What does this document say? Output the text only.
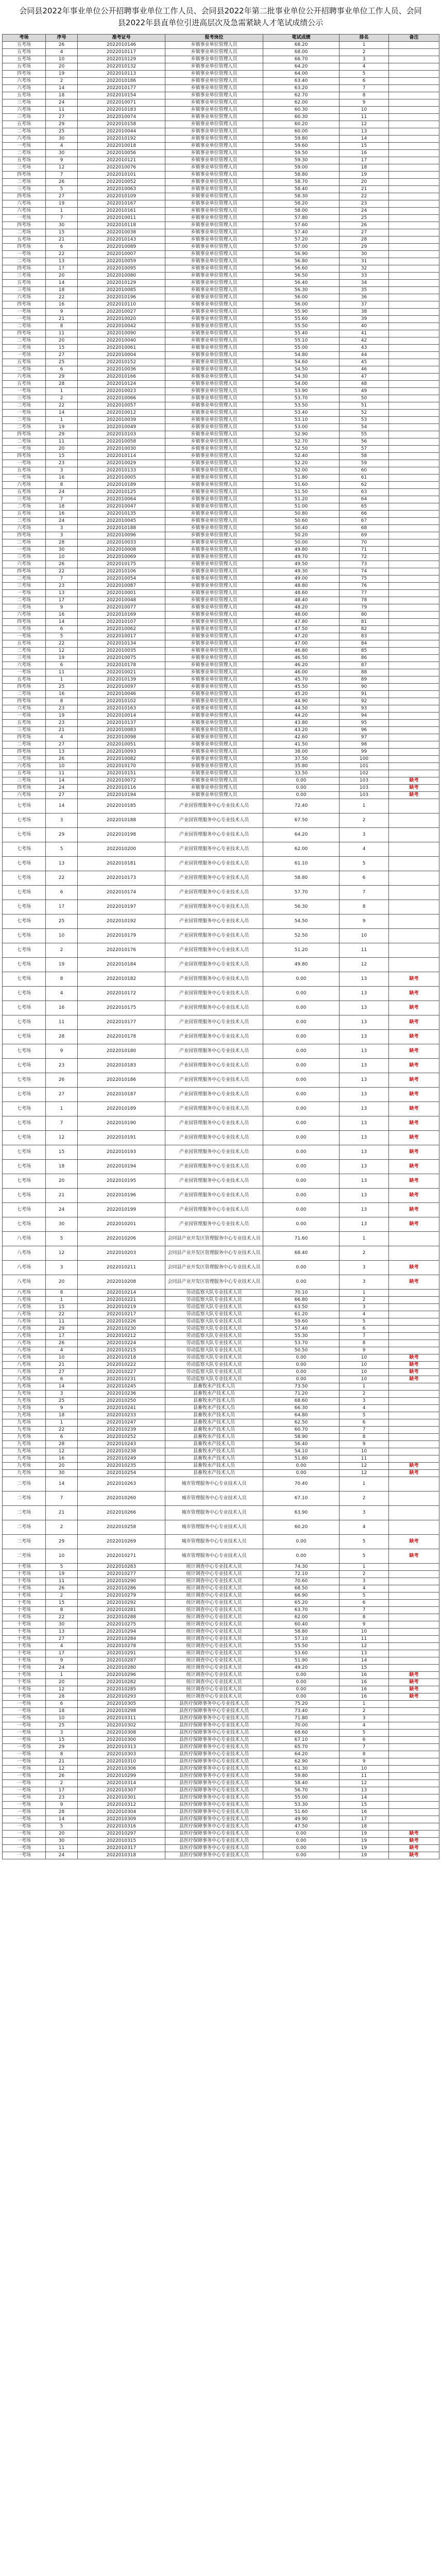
会同县2022年事业单位公开招聘事业单位工作人员、会同县2022年第二批事业单位公开招聘事业单位工作人员、会同县2022年县直单位引进高层次及急需紧缺人才笔试成绩公示
考场	序号	准考证号	报考岗位	笔试成绩	排名	备注
五考场	26	2022010146	乡镇事业单位管理人员	68.20	1	
五考场	4	2022010117	乡镇事业单位管理人员	68.00	2	
五考场	10	2022010129	乡镇事业单位管理人员	66.70	3	
五考场	20	2022010132	乡镇事业单位管理人员	64.20	4	
四考场	19	2022010113	乡镇事业单位管理人员	64.00	5	
六考场	2	2022010186	乡镇事业单位管理人员	63.40	6	
六考场	14	2022010177	乡镇事业单位管理人员	63.20	7	
五考场	18	2022010154	乡镇事业单位管理人员	62.70	8	
三考场	24	2022010071	乡镇事业单位管理人员	62.00	9	
六考场	11	2022010183	乡镇事业单位管理人员	60.30	10	
三考场	27	2022010074	乡镇事业单位管理人员	60.30	11	
五考场	29	2022010158	乡镇事业单位管理人员	60.20	12	
二考场	25	2022010044	乡镇事业单位管理人员	60.00	13	
六考场	30	2022010192	乡镇事业单位管理人员	59.80	14	
一考场	4	2022010018	乡镇事业单位管理人员	59.60	15	
二考场	30	2022010056	乡镇事业单位管理人员	59.50	16	
五考场	9	2022010121	乡镇事业单位管理人员	59.30	17	
三考场	12	2022010076	乡镇事业单位管理人员	59.00	18	
四考场	7	2022010101	乡镇事业单位管理人员	58.80	19	
二考场	26	2022010052	乡镇事业单位管理人员	58.70	20	
三考场	5	2022010063	乡镇事业单位管理人员	58.40	21	
四考场	27	2022010109	乡镇事业单位管理人员	58.30	22	
六考场	19	2022010167	乡镇事业单位管理人员	58.20	23	
六考场	1	2022010161	乡镇事业单位管理人员	58.00	24	
一考场	7	2022010011	乡镇事业单位管理人员	57.80	25	
四考场	30	2022010118	乡镇事业单位管理人员	57.60	26	
二考场	15	2022010038	乡镇事业单位管理人员	57.40	27	
五考场	21	2022010143	乡镇事业单位管理人员	57.20	28	
四考场	6	2022010089	乡镇事业单位管理人员	57.00	29	
一考场	22	2022010007	乡镇事业单位管理人员	56.90	30	
二考场	13	2022010059	乡镇事业单位管理人员	56.80	31	
四考场	17	2022010095	乡镇事业单位管理人员	56.60	32	
三考场	20	2022010080	乡镇事业单位管理人员	56.50	33	
五考场	14	2022010129	乡镇事业单位管理人员	56.40	34	
三考场	18	2022010085	乡镇事业单位管理人员	56.30	35	
六考场	22	2022010196	乡镇事业单位管理人员	56.00	36	
四考场	16	2022010110	乡镇事业单位管理人员	56.00	37	
一考场	9	2022010027	乡镇事业单位管理人员	55.90	38	
一考场	21	2022010020	乡镇事业单位管理人员	55.60	39	
二考场	8	2022010042	乡镇事业单位管理人员	55.50	40	
四考场	11	2022010090	乡镇事业单位管理人员	55.40	41	
二考场	20	2022010040	乡镇事业单位管理人员	55.10	42	
三考场	15	2022010061	乡镇事业单位管理人员	55.00	43	
一考场	27	2022010004	乡镇事业单位管理人员	54.80	44	
五考场	25	2022010152	乡镇事业单位管理人员	54.60	45	
二考场	6	2022010036	乡镇事业单位管理人员	54.50	46	
六考场	29	2022010166	乡镇事业单位管理人员	54.30	47	
五考场	28	2022010124	乡镇事业单位管理人员	54.00	48	
一考场	1	2022010023	乡镇事业单位管理人员	53.90	49	
三考场	2	2022010066	乡镇事业单位管理人员	53.70	50	
二考场	22	2022010057	乡镇事业单位管理人员	53.50	51	
一考场	14	2022010012	乡镇事业单位管理人员	53.40	52	
二考场	1	2022010039	乡镇事业单位管理人员	53.10	53	
二考场	19	2022010049	乡镇事业单位管理人员	53.00	54	
四考场	29	2022010103	乡镇事业单位管理人员	52.90	55	
二考场	11	2022010058	乡镇事业单位管理人员	52.70	56	
一考场	20	2022010030	乡镇事业单位管理人员	52.50	57	
四考场	15	2022010114	乡镇事业单位管理人员	52.40	58	
一考场	23	2022010029	乡镇事业单位管理人员	52.20	59	
五考场	3	2022010133	乡镇事业单位管理人员	52.00	60	
一考场	16	2022010005	乡镇事业单位管理人员	51.80	61	
六考场	8	2022010189	乡镇事业单位管理人员	51.60	62	
五考场	24	2022010125	乡镇事业单位管理人员	51.50	63	
三考场	7	2022010064	乡镇事业单位管理人员	51.20	64	
二考场	18	2022010047	乡镇事业单位管理人员	51.00	65	
五考场	16	2022010135	乡镇事业单位管理人员	50.80	66	
二考场	24	2022010045	乡镇事业单位管理人员	50.60	67	
六考场	3	2022010188	乡镇事业单位管理人员	50.40	68	
四考场	3	2022010096	乡镇事业单位管理人员	50.20	69	
二考场	28	2022010033	乡镇事业单位管理人员	50.00	70	
一考场	30	2022010008	乡镇事业单位管理人员	49.80	71	
三考场	10	2022010069	乡镇事业单位管理人员	49.70	72	
六考场	26	2022010175	乡镇事业单位管理人员	49.50	73	
四考场	22	2022010106	乡镇事业单位管理人员	49.30	74	
二考场	7	2022010054	乡镇事业单位管理人员	49.00	75	
三考场	23	2022010087	乡镇事业单位管理人员	48.80	76	
一考场	13	2022010001	乡镇事业单位管理人员	48.60	77	
二考场	17	2022010048	乡镇事业单位管理人员	48.40	78	
三考场	9	2022010077	乡镇事业单位管理人员	48.20	79	
六考场	16	2022010169	乡镇事业单位管理人员	48.00	80	
四考场	14	2022010107	乡镇事业单位管理人员	47.80	81	
三考场	6	2022010062	乡镇事业单位管理人员	47.50	82	
一考场	5	2022010017	乡镇事业单位管理人员	47.20	83	
五考场	22	2022010134	乡镇事业单位管理人员	47.00	84	
二考场	12	2022010035	乡镇事业单位管理人员	46.80	85	
三考场	19	2022010075	乡镇事业单位管理人员	46.50	86	
六考场	6	2022010178	乡镇事业单位管理人员	46.20	87	
一考场	11	2022010021	乡镇事业单位管理人员	46.00	88	
五考场	1	2022010139	乡镇事业单位管理人员	45.70	89	
四考场	25	2022010097	乡镇事业单位管理人员	45.50	90	
二考场	16	2022010046	乡镇事业单位管理人员	45.20	91	
四考场	8	2022010102	乡镇事业单位管理人员	44.90	92	
六考场	23	2022010163	乡镇事业单位管理人员	44.50	93	
一考场	19	2022010014	乡镇事业单位管理人员	44.20	94	
五考场	23	2022010137	乡镇事业单位管理人员	43.80	95	
三考场	21	2022010083	乡镇事业单位管理人员	43.20	96	
四考场	4	2022010098	乡镇事业单位管理人员	42.60	97	
二考场	27	2022010051	乡镇事业单位管理人员	41.50	98	
四考场	13	2022010093	乡镇事业单位管理人员	38.00	99	
三考场	26	2022010082	乡镇事业单位管理人员	37.50	100	
六考场	10	2022010170	乡镇事业单位管理人员	35.80	101	
五考场	11	2022010151	乡镇事业单位管理人员	33.50	102	
三考场	14	2022010072	乡镇事业单位管理人员	0.00	103	缺考
四考场	24	2022010116	乡镇事业单位管理人员	0.00	103	缺考
六考场	27	2022010194	乡镇事业单位管理人员	0.00	103	缺考
七考场	14	2022010185	产业园管理服务中心专业技术人员	72.40	1	
七考场	3	2022010188	产业园管理服务中心专业技术人员	67.50	2	
七考场	29	2022010198	产业园管理服务中心专业技术人员	64.20	3	
七考场	5	2022010200	产业园管理服务中心专业技术人员	62.00	4	
七考场	13	2022010181	产业园管理服务中心专业技术人员	61.10	5	
七考场	22	2022010173	产业园管理服务中心专业技术人员	58.80	6	
七考场	6	2022010174	产业园管理服务中心专业技术人员	57.70	7	
七考场	17	2022010197	产业园管理服务中心专业技术人员	56.30	8	
七考场	25	2022010192	产业园管理服务中心专业技术人员	54.50	9	
七考场	10	2022010179	产业园管理服务中心专业技术人员	52.50	10	
七考场	2	2022010176	产业园管理服务中心专业技术人员	51.20	11	
七考场	19	2022010184	产业园管理服务中心专业技术人员	49.80	12	
七考场	8	2022010182	产业园管理服务中心专业技术人员	0.00	13	缺考
七考场	4	2022010172	产业园管理服务中心专业技术人员	0.00	13	缺考
七考场	16	2022010175	产业园管理服务中心专业技术人员	0.00	13	缺考
七考场	11	2022010177	产业园管理服务中心专业技术人员	0.00	13	缺考
七考场	28	2022010178	产业园管理服务中心专业技术人员	0.00	13	缺考
七考场	9	2022010180	产业园管理服务中心专业技术人员	0.00	13	缺考
七考场	23	2022010183	产业园管理服务中心专业技术人员	0.00	13	缺考
七考场	26	2022010186	产业园管理服务中心专业技术人员	0.00	13	缺考
七考场	27	2022010187	产业园管理服务中心专业技术人员	0.00	13	缺考
七考场	1	2022010189	产业园管理服务中心专业技术人员	0.00	13	缺考
七考场	7	2022010190	产业园管理服务中心专业技术人员	0.00	13	缺考
七考场	12	2022010191	产业园管理服务中心专业技术人员	0.00	13	缺考
七考场	15	2022010193	产业园管理服务中心专业技术人员	0.00	13	缺考
七考场	18	2022010194	产业园管理服务中心专业技术人员	0.00	13	缺考
七考场	20	2022010195	产业园管理服务中心专业技术人员	0.00	13	缺考
七考场	21	2022010196	产业园管理服务中心专业技术人员	0.00	13	缺考
七考场	24	2022010199	产业园管理服务中心专业技术人员	0.00	13	缺考
七考场	30	2022010201	产业园管理服务中心专业技术人员	0.00	13	缺考
八考场	5	2022010206	会同县产业开发区管理服务中心专业技术人员	71.60	1	
八考场	12	2022010203	会同县产业开发区管理服务中心专业技术人员	68.40	2	
八考场	3	2022010211	会同县产业开发区管理服务中心专业技术人员	0.00	3	缺考
八考场	20	2022010208	会同县产业开发区管理服务中心专业技术人员	0.00	3	缺考
八考场	8	2022010214	劳动监察大队专业技术人员	70.10	1	
八考场	1	2022010221	劳动监察大队专业技术人员	66.80	2	
八考场	15	2022010219	劳动监察大队专业技术人员	63.50	3	
八考场	22	2022010217	劳动监察大队专业技术人员	61.20	4	
八考场	11	2022010226	劳动监察大队专业技术人员	59.60	5	
八考场	29	2022010230	劳动监察大队专业技术人员	57.40	6	
八考场	17	2022010212	劳动监察大队专业技术人员	55.30	7	
八考场	26	2022010224	劳动监察大队专业技术人员	53.70	8	
八考场	4	2022010215	劳动监察大队专业技术人员	50.50	9	
八考场	10	2022010218	劳动监察大队专业技术人员	0.00	10	缺考
八考场	21	2022010222	劳动监察大队专业技术人员	0.00	10	缺考
八考场	27	2022010227	劳动监察大队专业技术人员	0.00	10	缺考
八考场	6	2022010231	劳动监察大队专业技术人员	0.00	10	缺考
九考场	14	2022010245	县畜牧水产技术人员	73.50	1	
九考场	3	2022010236	县畜牧水产技术人员	71.20	2	
九考场	25	2022010250	县畜牧水产技术人员	68.60	3	
九考场	9	2022010241	县畜牧水产技术人员	66.30	4	
九考场	18	2022010233	县畜牧水产技术人员	64.80	5	
九考场	1	2022010247	县畜牧水产技术人员	62.50	6	
九考场	22	2022010239	县畜牧水产技术人员	60.70	7	
九考场	6	2022010252	县畜牧水产技术人员	58.90	8	
九考场	28	2022010243	县畜牧水产技术人员	56.40	9	
九考场	12	2022010238	县畜牧水产技术人员	54.10	10	
九考场	16	2022010249	县畜牧水产技术人员	51.80	11	
九考场	20	2022010235	县畜牧水产技术人员	0.00	12	缺考
九考场	30	2022010254	县畜牧水产技术人员	0.00	12	缺考
二考场	14	2022010263	城市管理服务中心专业技术人员	70.40	1	
二考场	7	2022010260	城市管理服务中心专业技术人员	67.10	2	
二考场	21	2022010266	城市管理服务中心专业技术人员	63.90	3	
二考场	2	2022010258	城市管理服务中心专业技术人员	60.20	4	
二考场	29	2022010269	城市管理服务中心专业技术人员	0.00	5	缺考
二考场	10	2022010271	城市管理服务中心专业技术人员	0.00	5	缺考
十考场	5	2022010283	统计调查中心专业技术人员	74.30	1	
十考场	19	2022010277	统计调查中心专业技术人员	72.10	2	
十考场	11	2022010290	统计调查中心专业技术人员	70.60	3	
十考场	26	2022010286	统计调查中心专业技术人员	68.50	4	
十考场	2	2022010279	统计调查中心专业技术人员	66.90	5	
十考场	15	2022010292	统计调查中心专业技术人员	65.20	6	
十考场	8	2022010281	统计调查中心专业技术人员	63.70	7	
十考场	22	2022010288	统计调查中心专业技术人员	62.00	8	
十考场	30	2022010275	统计调查中心专业技术人员	60.40	9	
十考场	13	2022010294	统计调查中心专业技术人员	58.80	10	
十考场	27	2022010284	统计调查中心专业技术人员	57.10	11	
十考场	4	2022010278	统计调查中心专业技术人员	55.50	12	
十考场	17	2022010291	统计调查中心专业技术人员	53.60	13	
十考场	9	2022010287	统计调查中心专业技术人员	51.90	14	
十考场	24	2022010280	统计调查中心专业技术人员	49.20	15	
十考场	1	2022010296	统计调查中心专业技术人员	0.00	16	缺考
十考场	20	2022010282	统计调查中心专业技术人员	0.00	16	缺考
十考场	12	2022010285	统计调查中心专业技术人员	0.00	16	缺考
十考场	28	2022010293	统计调查中心专业技术人员	0.00	16	缺考
一考场	6	2022010305	县医疗保障事务中心专业技术人员	75.20	1	
一考场	18	2022010298	县医疗保障事务中心专业技术人员	73.40	2	
一考场	10	2022010311	县医疗保障事务中心专业技术人员	71.80	3	
一考场	25	2022010302	县医疗保障事务中心专业技术人员	70.00	4	
一考场	3	2022010308	县医疗保障事务中心专业技术人员	68.60	5	
一考场	15	2022010300	县医疗保障事务中心专业技术人员	67.10	6	
一考场	29	2022010313	县医疗保障事务中心专业技术人员	65.70	7	
一考场	8	2022010303	县医疗保障事务中心专业技术人员	64.20	8	
一考场	21	2022010310	县医疗保障事务中心专业技术人员	62.90	9	
一考场	12	2022010306	县医疗保障事务中心专业技术人员	61.30	10	
一考场	26	2022010299	县医疗保障事务中心专业技术人员	59.80	11	
一考场	2	2022010314	县医疗保障事务中心专业技术人员	58.40	12	
一考场	17	2022010307	县医疗保障事务中心专业技术人员	56.70	13	
一考场	23	2022010301	县医疗保障事务中心专业技术人员	55.00	14	
一考场	9	2022010312	县医疗保障事务中心专业技术人员	53.30	15	
一考场	28	2022010304	县医疗保障事务中心专业技术人员	51.60	16	
一考场	14	2022010309	县医疗保障事务中心专业技术人员	49.90	17	
一考场	5	2022010316	县医疗保障事务中心专业技术人员	47.50	18	
一考场	20	2022010297	县医疗保障事务中心专业技术人员	0.00	19	缺考
一考场	30	2022010315	县医疗保障事务中心专业技术人员	0.00	19	缺考
一考场	11	2022010317	县医疗保障事务中心专业技术人员	0.00	19	缺考
一考场	24	2022010318	县医疗保障事务中心专业技术人员	0.00	19	缺考
